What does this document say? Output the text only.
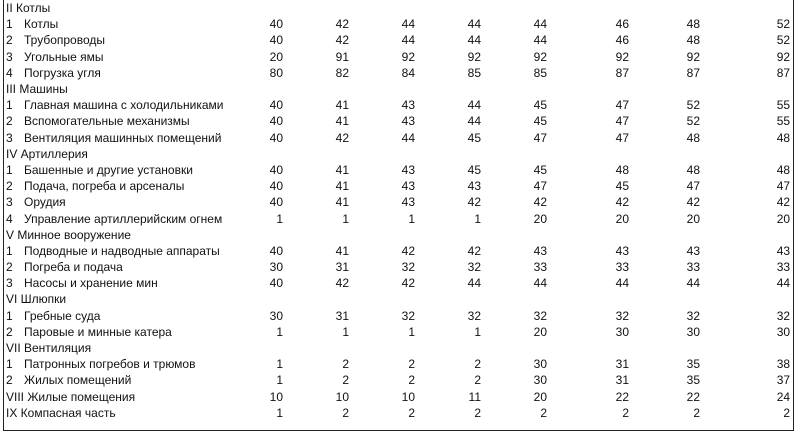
II Котлы									
1	Котлы	40	42	44	44	44	46	48	52
2	Трубопроводы	40	42	44	44	44	46	48	52
3	Угольные ямы	20	91	92	92	92	92	92	92
4	Погрузка угля	80	82	84	85	85	87	87	87
III Машины									
1	Главная машина с холодильниками	40	41	43	44	45	47	52	55
2	Вспомогательные механизмы	40	41	43	44	45	47	52	55
3	Вентиляция машинных помещений	40	42	44	45	47	47	48	48
IV Артиллерия									
1	Башенные и другие установки	40	41	43	45	45	48	48	48
2	Подача, погреба и арсеналы	40	41	43	43	47	45	47	47
3	Орудия	40	41	43	42	42	42	42	42
4	Управление артиллерийским огнем	1	1	1	1	20	20	20	20
V Минное вооружение									
1	Подводные и надводные аппараты	40	41	42	42	43	43	43	43
2	Погреба и подача	30	31	32	32	33	33	33	33
3	Насосы и хранение мин	40	42	42	44	44	44	44	44
VI Шлюпки									
1	Гребные суда	30	31	32	32	32	32	32	32
2	Паровые и минные катера	1	1	1	1	20	30	30	30
VII Вентиляция									
1	Патронных погребов и трюмов	1	2	2	2	30	31	35	38
2	Жилых помещений	1	2	2	2	30	31	35	37
VIII Жилые помещения		10	10	10	11	20	22	22	24
IX Компасная часть		1	2	2	2	2	2	2	2
